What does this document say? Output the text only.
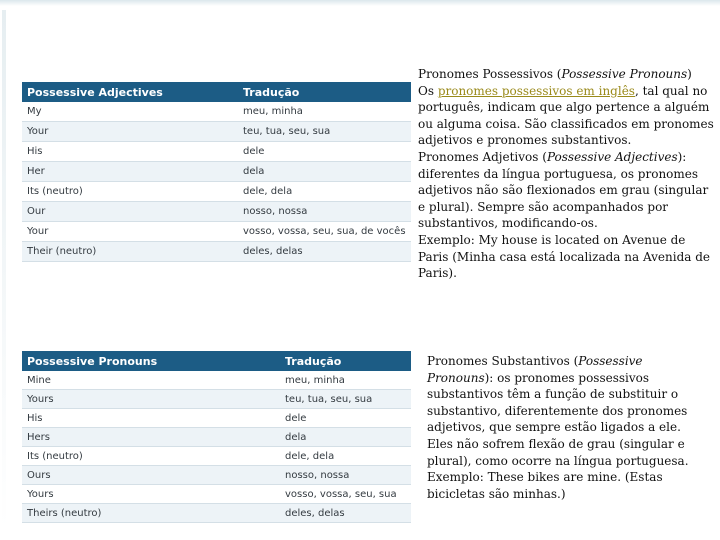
Possessive Adjectives	Tradução
My	meu, minha
Your	teu, tua, seu, sua
His	dele
Her	dela
Its (neutro)	dele, dela
Our	nosso, nossa
Your	vosso, vossa, seu, sua, de vocês
Their (neutro)	deles, delas
Possessive Pronouns	Tradução
Mine	meu, minha
Yours	teu, tua, seu, sua
His	dele
Hers	dela
Its (neutro)	dele, dela
Ours	nosso, nossa
Yours	vosso, vossa, seu, sua
Theirs (neutro)	deles, delas
Pronomes Possessivos (Possessive Pronouns)
Os pronomes possessivos em inglês, tal qual no português, indicam que algo pertence a alguém ou alguma coisa. São classificados em pronomes adjetivos e pronomes substantivos.
Pronomes Adjetivos (Possessive Adjectives): diferentes da língua portuguesa, os pronomes adjetivos não são flexionados em grau (singular e plural). Sempre são acompanhados por substantivos, modificando-os.
Exemplo: My house is located on Avenue de Paris (Minha casa está localizada na Avenida de Paris).
Pronomes Substantivos (Possessive Pronouns): os pronomes possessivos substantivos têm a função de substituir o substantivo, diferentemente dos pronomes adjetivos, que sempre estão ligados a ele. Eles não sofrem flexão de grau (singular e plural), como ocorre na língua portuguesa.
Exemplo: These bikes are mine. (Estas bicicletas são minhas.)
